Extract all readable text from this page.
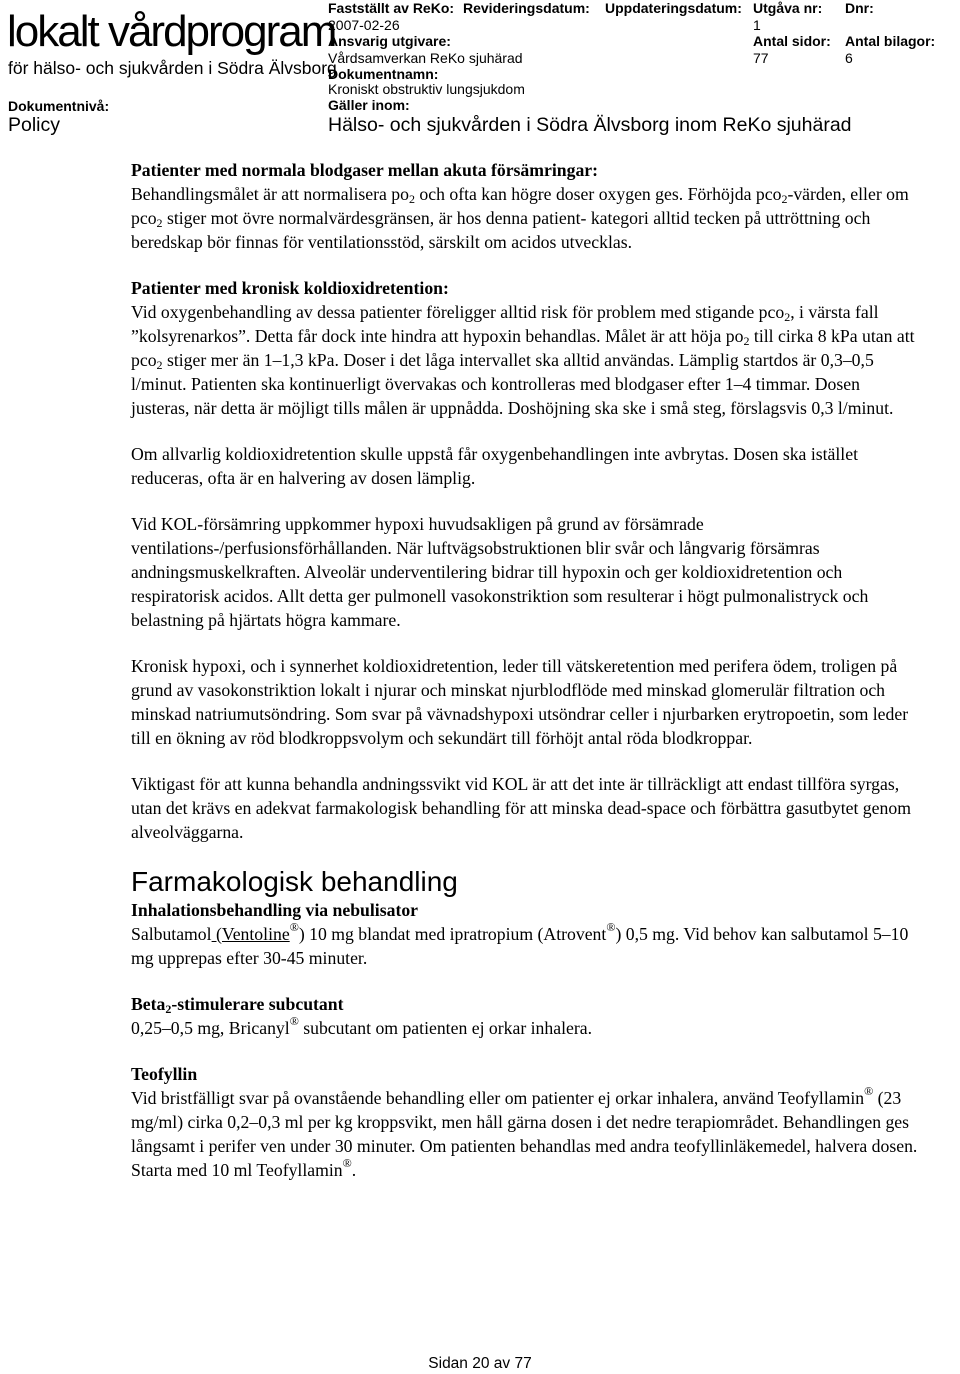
lokalt vårdprogram
för hälso- och sjukvården i Södra Älvsborg
Dokumentnivå:
Policy
Fastställt av ReKo:
2007-02-26
Revideringsdatum: Uppdateringsdatum: Utgåva nr:
1
Dnr:
Ansvarig utgivare:
Vårdsamverkan ReKo sjuhärad
Antal sidor:
77
Antal bilagor:
6
Dokumentnamn:
Kroniskt obstruktiv lungsjukdom
Gäller inom:
Hälso- och sjukvården i Södra Älvsborg inom ReKo sjuhärad

Patienter med normala blodgaser mellan akuta försämringar:
Behandlingsmålet är att normalisera $po_2$ och ofta kan högre doser oxygen ges. Förhöjda pco$_2$-värden, eller om pco$_2$ stiger mot övre normalvärdesgränsen, är hos denna patient- kategori alltid tecken på uttröttning och beredskap bör finnas för ventilationsstöd, särskilt om acidos utvecklas.

Patienter med kronisk koldioxidretention:
Vid oxygenbehandling av dessa patienter föreligger alltid risk för problem med stigande pco$_2$, i värsta fall ”kolsyrenarkos”. Detta får dock inte hindra att hypoxin behandlas. Målet är att höja $po_2$ till cirka 8 kPa utan att pco$_2$ stiger mer än 1–1,3 kPa. Doser i det låga intervallet ska alltid användas. Lämplig startdos är 0,3–0,5 l/minut. Patienten ska kontinuerligt övervakas och kontrolleras med blodgaser efter 1–4 timmar. Dosen justeras, när detta är möjligt tills målen är uppnådda. Doshöjning ska ske i små steg, förslagsvis 0,3 l/minut.

Om allvarlig koldioxidretention skulle uppstå får oxygenbehandlingen inte avbrytas. Dosen ska istället reduceras, ofta är en halvering av dosen lämplig.

Vid KOL-försämring uppkommer hypoxi huvudsakligen på grund av försämrade ventilations-/perfusionsförhållanden. När luftvägsobstruktionen blir svår och långvarig försämras andningsmuskelkraften. Alveolär underventilering bidrar till hypoxin och ger koldioxidretention och respiratorisk acidos. Allt detta ger pulmonell vasokonstriktion som resulterar i högt pulmonalistryck och belastning på hjärtats högra kammare.

Kronisk hypoxi, och i synnerhet koldioxidretention, leder till vätskeretention med perifera ödem, troligen på grund av vasokonstriktion lokalt i njurar och minskat njurblodflöde med minskad glomerulär filtration och minskad natriumutsöndring. Som svar på vävnadshypoxi utsöndrar celler i njurbarken erytropoetin, som leder till en ökning av röd blodkroppsvolym och sekundärt till förhöjt antal röda blodkroppar.

Viktigast för att kunna behandla andningssvikt vid KOL är att det inte är tillräckligt att endast tillföra syrgas, utan det krävs en adekvat farmakologisk behandling för att minska dead-space och förbättra gasutbytet genom alveolväggarna.

Farmakologisk behandling

Inhalationsbehandling via nebulisator
Salbutamol (Ventoline®) 10 mg blandat med ipratropium (Atrovent®) 0,5 mg. Vid behov kan salbutamol 5–10 mg upprepas efter 30-45 minuter.

Beta$_2$-stimulerare subcutant
0,25–0,5 mg, Bricanyl® subcutant om patienten ej orkar inhalera.

Teofyllin
Vid bristfälligt svar på ovanstående behandling eller om patienter ej orkar inhalera, använd Teofyllamin® (23 mg/ml) cirka 0,2–0,3 ml per kg kroppsvikt, men håll gärna dosen i det nedre terapiområdet. Behandlingen ges långsamt i perifer ven under 30 minuter. Om patienten behandlas med andra teofyllinläkemedel, halvera dosen. Starta med 10 ml Teofyllamin®.

Sidan 20 av 77
